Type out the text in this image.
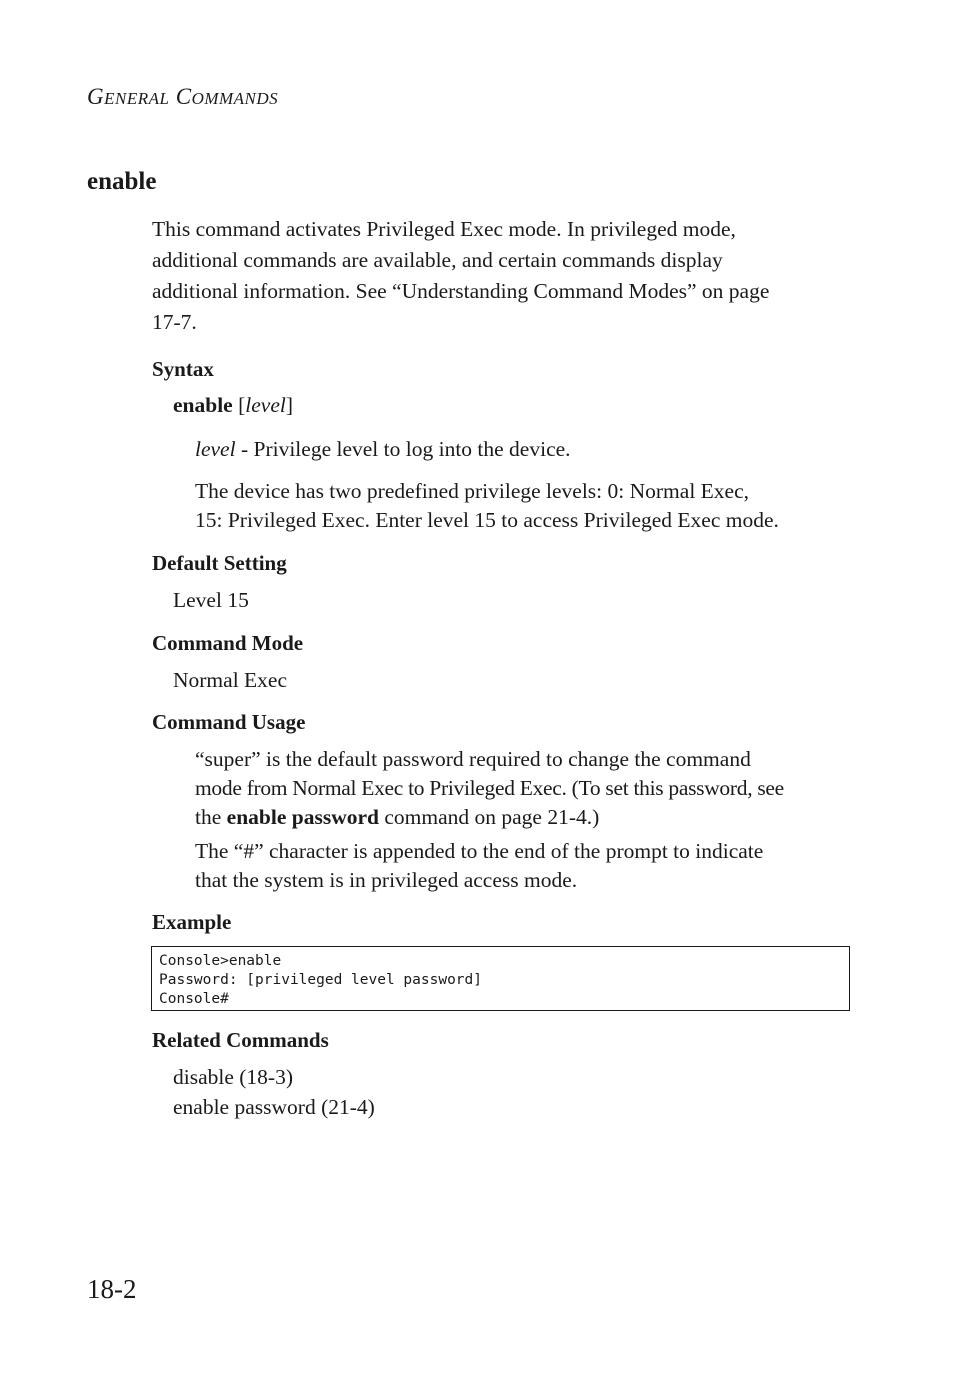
GENERAL COMMANDS
enable
This command activates Privileged Exec mode. In privileged mode,
additional commands are available, and certain commands display
additional information. See “Understanding Command Modes” on page
17-7.
Syntax
enable [level]
level - Privilege level to log into the device.
The device has two predefined privilege levels: 0: Normal Exec,
15: Privileged Exec. Enter level 15 to access Privileged Exec mode.
Default Setting
Level 15
Command Mode
Normal Exec
Command Usage
“super” is the default password required to change the command
mode from Normal Exec to Privileged Exec. (To set this password, see
the enable password command on page 21-4.)
The “#” character is appended to the end of the prompt to indicate
that the system is in privileged access mode.
Example
Console>enable
Password: [privileged level password]
Console#
Related Commands
disable (18-3)
enable password (21-4)
18-2
